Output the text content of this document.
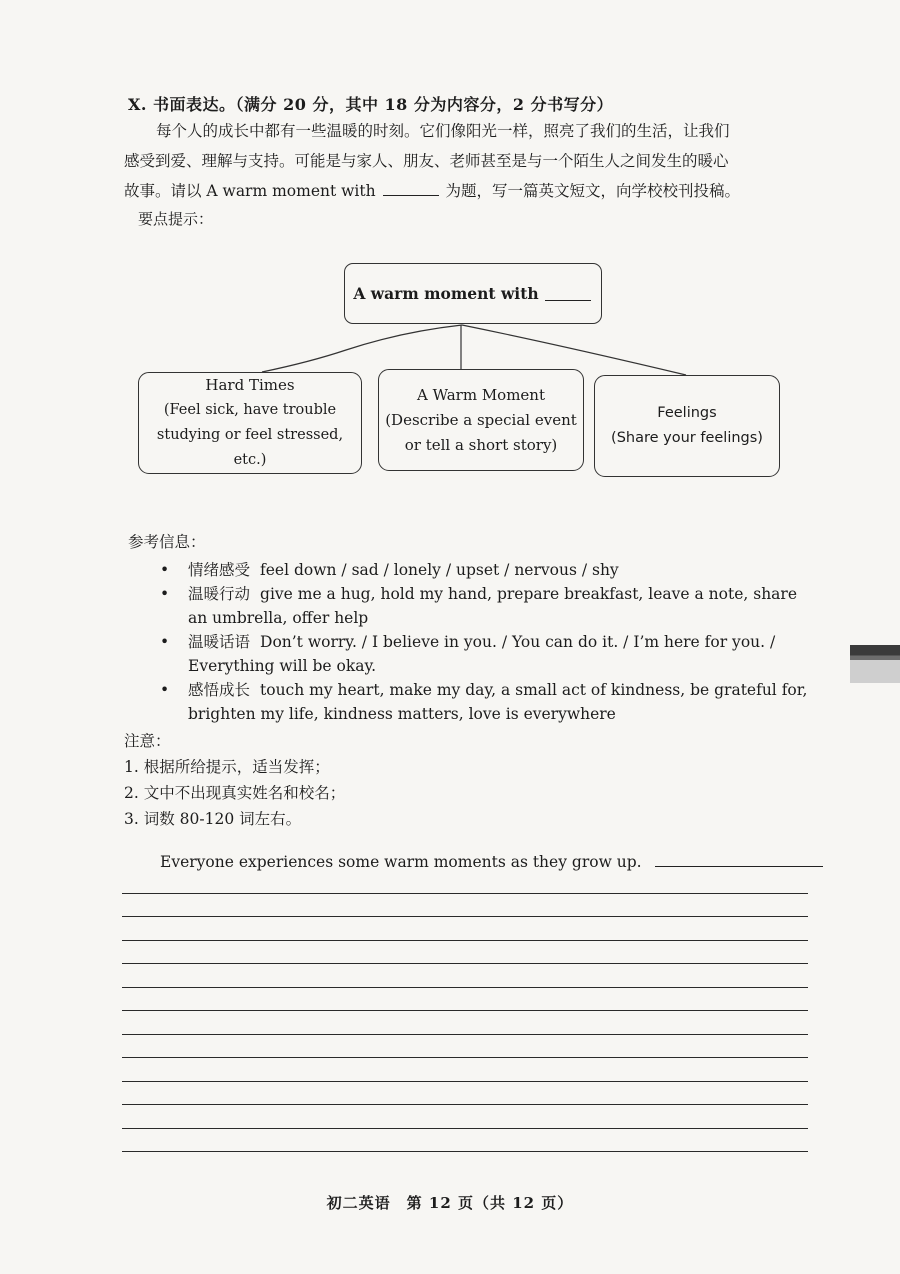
X. 书面表达。（满分 20 分，其中 18 分为内容分，2 分书写分）

每个人的成长中都有一些温暖的时刻。它们像阳光一样，照亮了我们的生活，让我们

感受到爱、理解与支持。可能是与家人、朋友、老师甚至是与一个陌生人之间发生的暖心

故事。请以 A warm moment with	为题，写一篇英文短文，向学校校刊投稿。

要点提示：
A warm moment with
Hard Times
(Feel sick, have trouble
studying or feel stressed, etc.)
A Warm Moment
(Describe a special event
or tell a short story)
Feelings
(Share your feelings)
参考信息：
• 情绪感受 feel down / sad / lonely / upset / nervous / shy
• 温暖行动 give me a hug, hold my hand, prepare breakfast, leave a note, share an umbrella, offer help
• 温暖话语 Don’t worry. / I believe in you. / You can do it. / I’m here for you. / Everything will be okay.
• 感悟成长 touch my heart, make my day, a small act of kindness, be grateful for, brighten my life, kindness matters, love is everywhere
注意：
1. 根据所给提示，适当发挥；
2. 文中不出现真实姓名和校名；
3. 词数 80-120 词左右。
Everyone experiences some warm moments as they grow up.
初二英语　第 12 页（共 12 页）
